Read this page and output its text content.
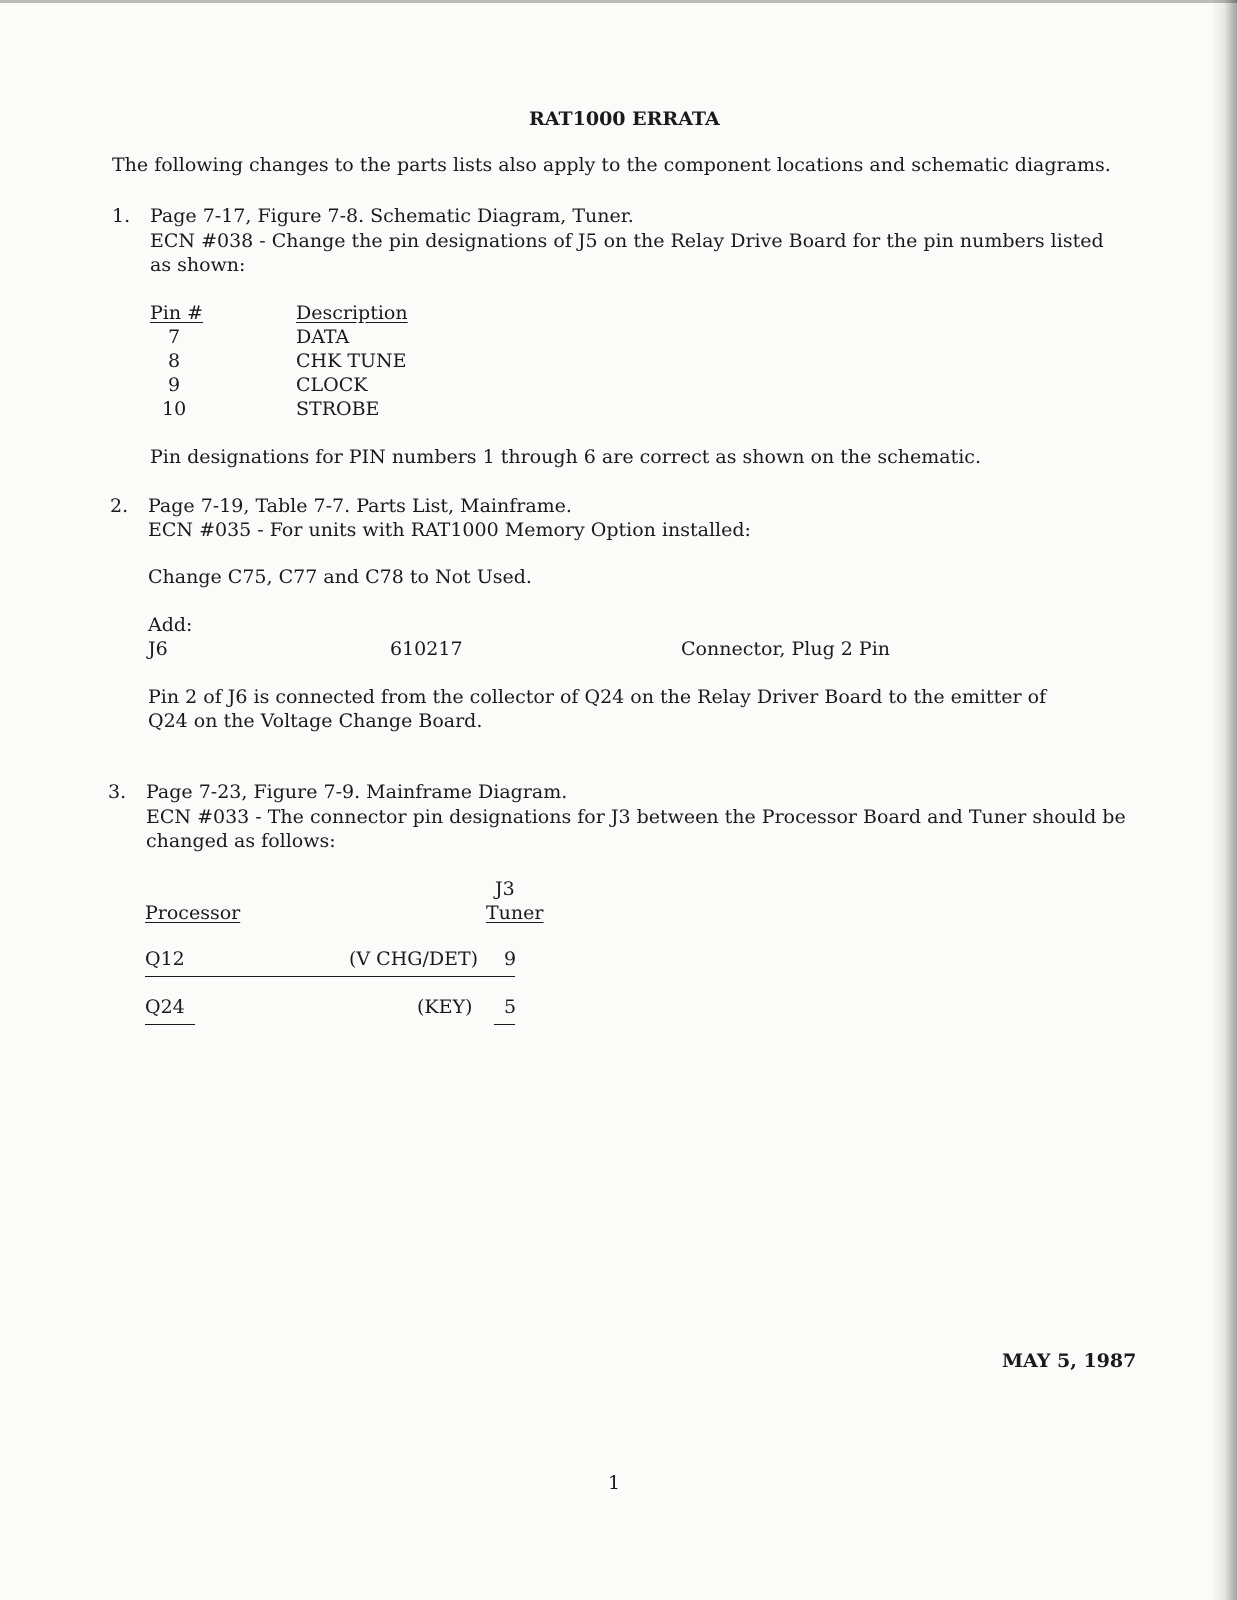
RAT1000 ERRATA
The following changes to the parts lists also apply to the component locations and schematic diagrams.
1. Page 7-17, Figure 7-8. Schematic Diagram, Tuner.
ECN #038 - Change the pin designations of J5 on the Relay Drive Board for the pin numbers listed
as shown:
Pin #	Description
7	DATA
8	CHK TUNE
9	CLOCK
10	STROBE
Pin designations for PIN numbers 1 through 6 are correct as shown on the schematic.
2. Page 7-19, Table 7-7. Parts List, Mainframe.
ECN #035 - For units with RAT1000 Memory Option installed:
Change C75, C77 and C78 to Not Used.
Add:
J6	610217	Connector, Plug 2 Pin
Pin 2 of J6 is connected from the collector of Q24 on the Relay Driver Board to the emitter of
Q24 on the Voltage Change Board.
3. Page 7-23, Figure 7-9. Mainframe Diagram.
ECN #033 - The connector pin designations for J3 between the Processor Board and Tuner should be
changed as follows:
J3
Processor	Tuner
Q12	(V CHG/DET) 9
Q24	(KEY) 5
MAY 5, 1987
1
